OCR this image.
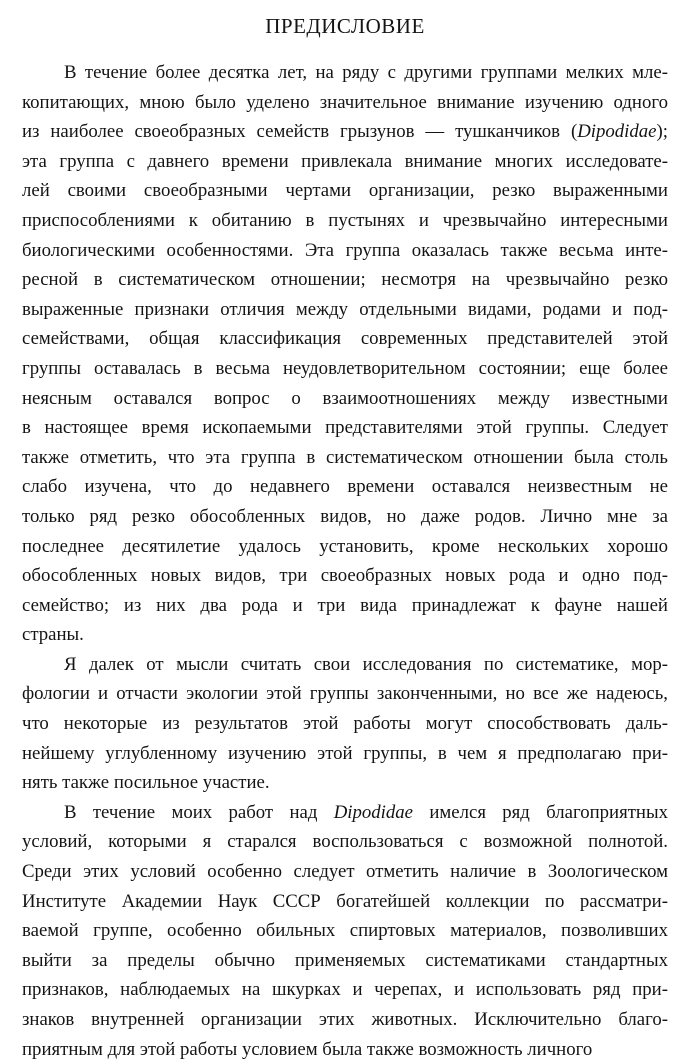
ПРЕДИСЛОВИЕ
В течение более десятка лет, на ряду с другими группами мелких мле-
копитающих, мною было уделено значительное внимание изучению одного
из наиболее своеобразных семейств грызунов — тушканчиков (Dipodidae);
эта группа с давнего времени привлекала внимание многих исследовате-
лей своими своеобразными чертами организации, резко выраженными
приспособлениями к обитанию в пустынях и чрезвычайно интересными
биологическими особенностями. Эта группа оказалась также весьма инте-
ресной в систематическом отношении; несмотря на чрезвычайно резко
выраженные признаки отличия между отдельными видами, родами и под-
семействами, общая классификация современных представителей этой
группы оставалась в весьма неудовлетворительном состоянии; еще более
неясным оставался вопрос о взаимоотношениях между известными
в настоящее время ископаемыми представителями этой группы. Следует
также отметить, что эта группа в систематическом отношении была столь
слабо изучена, что до недавнего времени оставался неизвестным не
только ряд резко обособленных видов, но даже родов. Лично мне за
последнее десятилетие удалось установить, кроме нескольких хорошо
обособленных новых видов, три своеобразных новых рода и одно под-
семейство; из них два рода и три вида принадлежат к фауне нашей
страны.
Я далек от мысли считать свои исследования по систематике, мор-
фологии и отчасти экологии этой группы законченными, но все же надеюсь,
что некоторые из результатов этой работы могут способствовать даль-
нейшему углубленному изучению этой группы, в чем я предполагаю при-
нять также посильное участие.
В течение моих работ над Dipodidae имелся ряд благоприятных
условий, которыми я старался воспользоваться с возможной полнотой.
Среди этих условий особенно следует отметить наличие в Зоологическом
Институте Академии Наук СССР богатейшей коллекции по рассматри-
ваемой группе, особенно обильных спиртовых материалов, позволивших
выйти за пределы обычно применяемых систематиками стандартных
признаков, наблюдаемых на шкурках и черепах, и использовать ряд при-
знаков внутренней организации этих животных. Исключительно благо-
приятным для этой работы условием была также возможность личного
